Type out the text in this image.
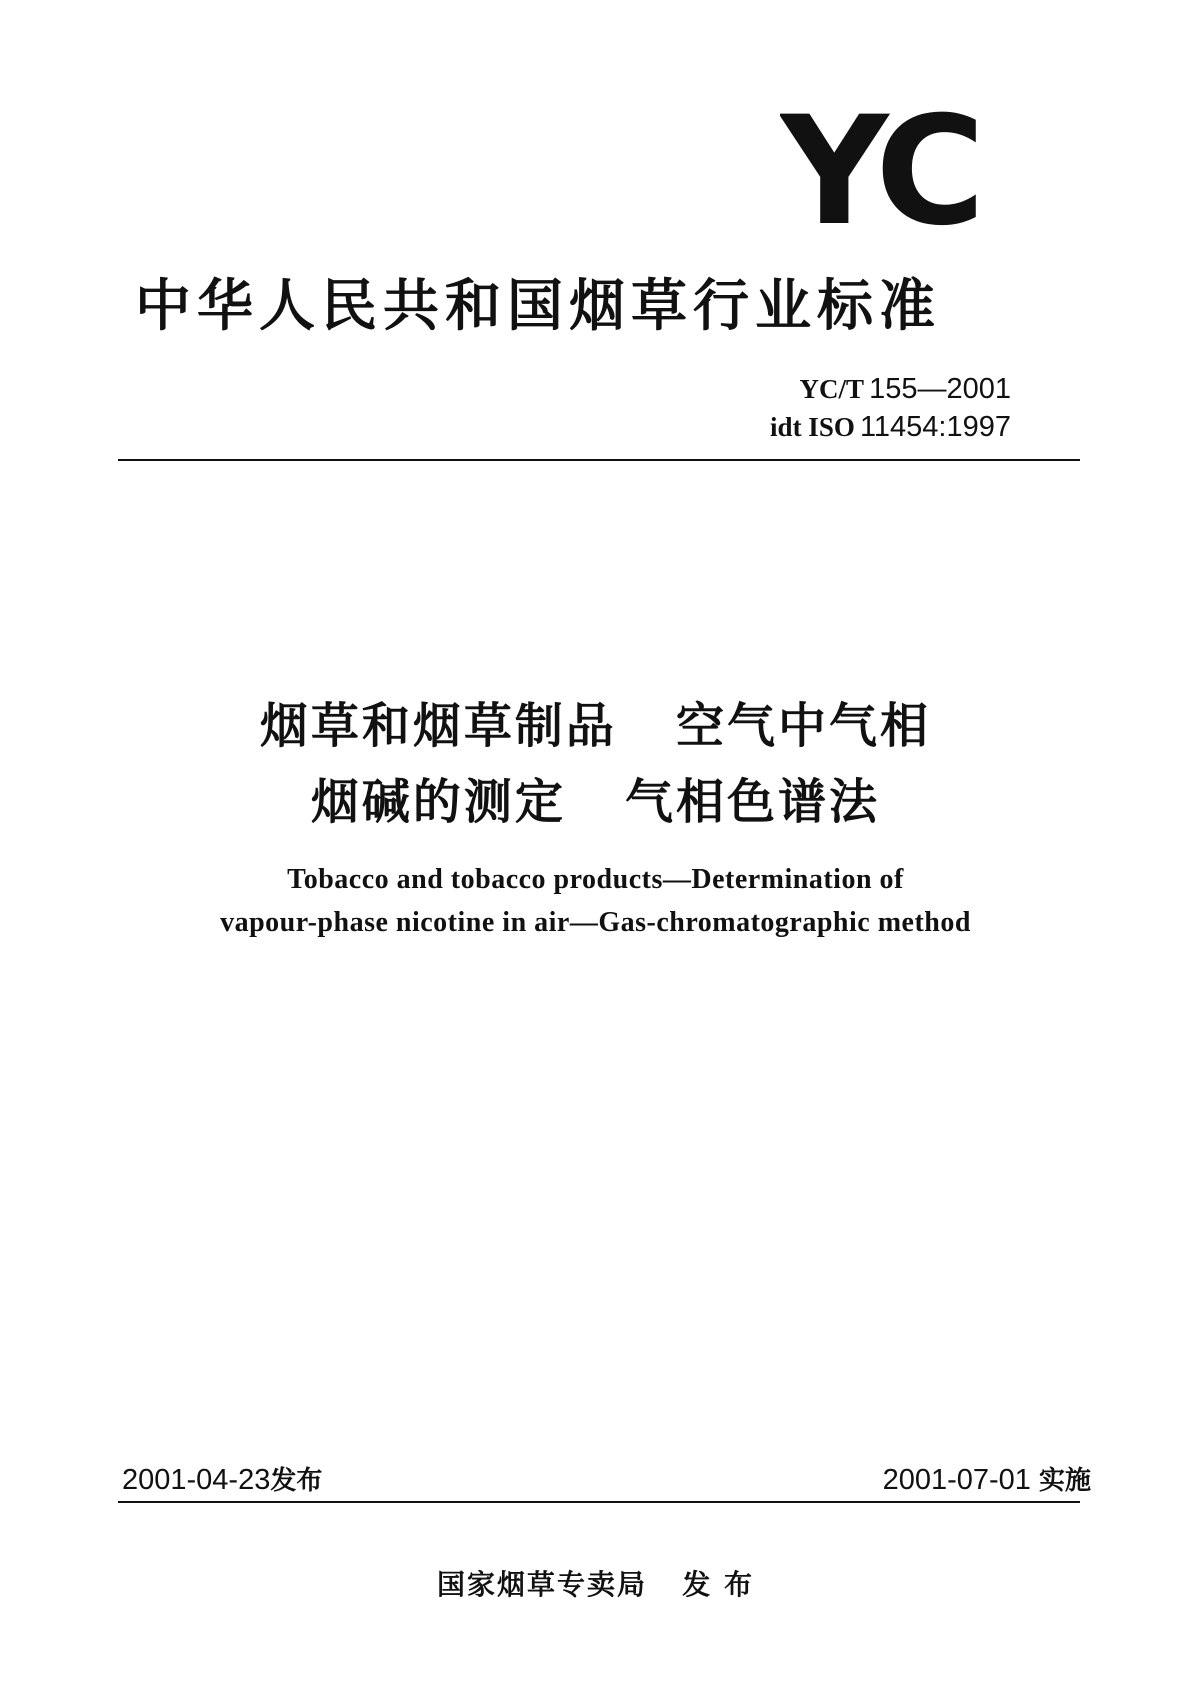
YC
中华人民共和国烟草行业标准
YC/T 155—2001
idt ISO 11454:1997
烟草和烟草制品   空气中气相
烟碱的测定   气相色谱法
Tobacco and tobacco products—Determination of
vapour-phase nicotine in air—Gas-chromatographic method
2001-04-23发布	2001-07-01 实施
国家烟草专卖局 发 布
